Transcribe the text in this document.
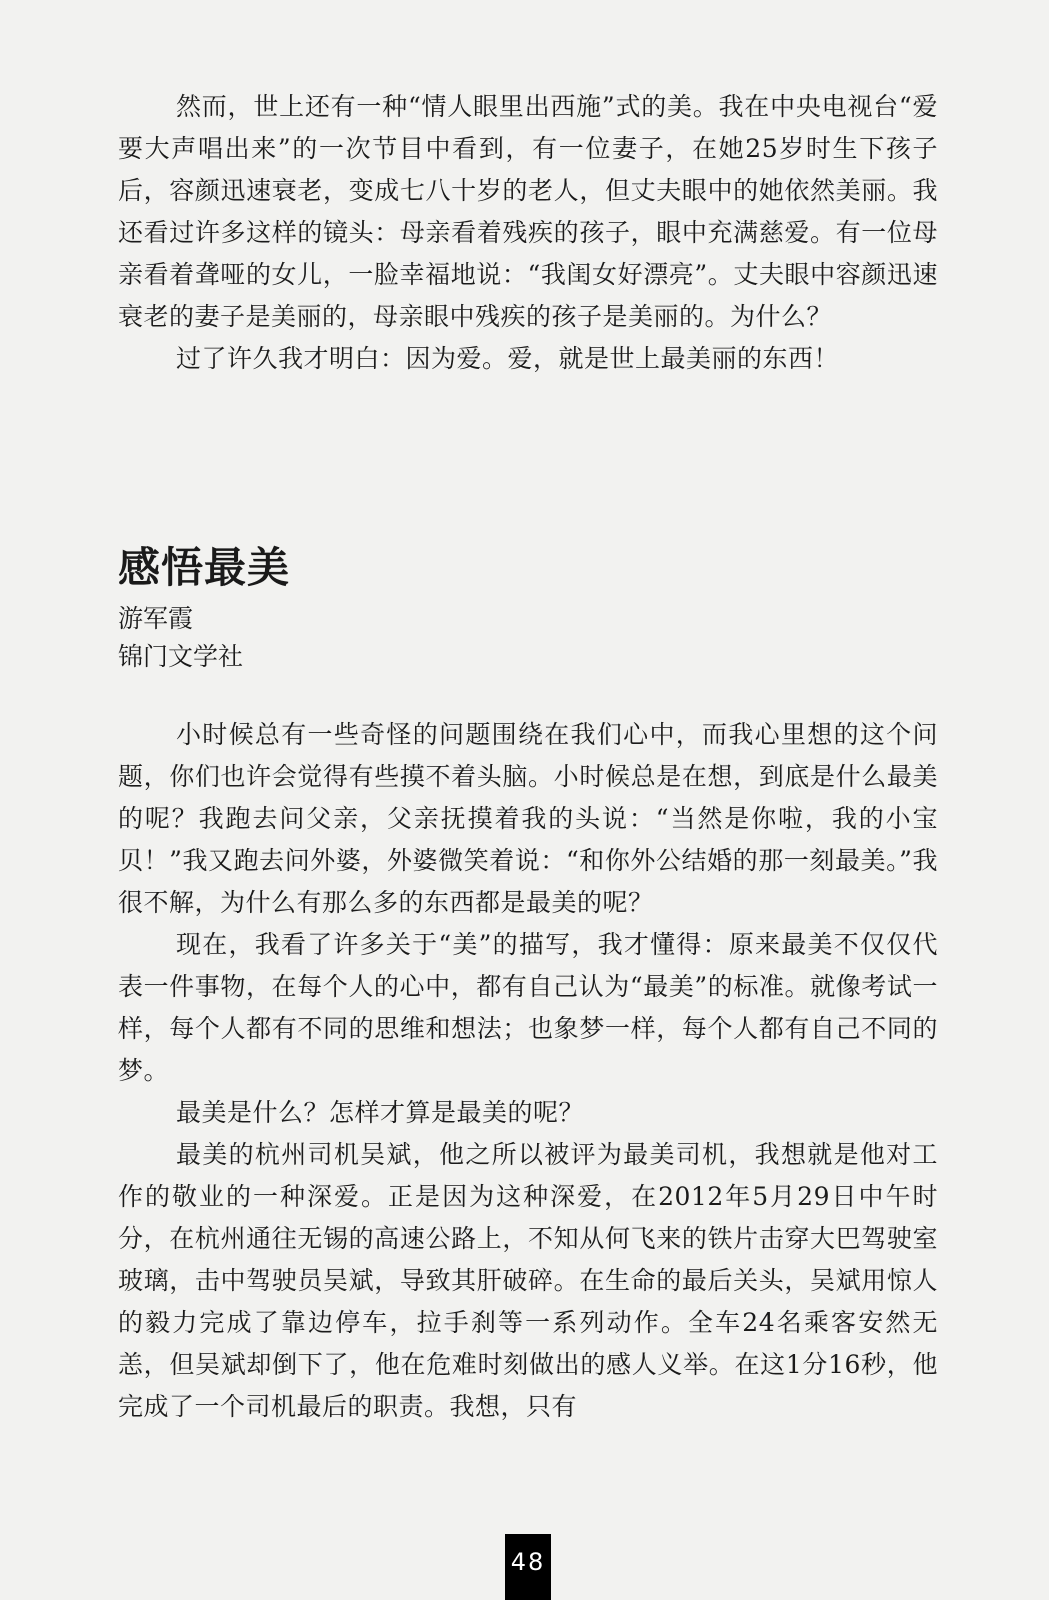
然而，世上还有一种“情人眼里出西施”式的美。我在中央电视台“爱要大声唱出来”的一次节目中看到，有一位妻子，在她25岁时生下孩子后，容颜迅速衰老，变成七八十岁的老人，但丈夫眼中的她依然美丽。我还看过许多这样的镜头：母亲看着残疾的孩子，眼中充满慈爱。有一位母亲看着聋哑的女儿，一脸幸福地说：“我闺女好漂亮”。丈夫眼中容颜迅速衰老的妻子是美丽的，母亲眼中残疾的孩子是美丽的。为什么？

过了许久我才明白：因为爱。爱，就是世上最美丽的东西！

感悟最美

游军霞

锦门文学社

小时候总有一些奇怪的问题围绕在我们心中，而我心里想的这个问题，你们也许会觉得有些摸不着头脑。小时候总是在想，到底是什么最美的呢？我跑去问父亲，父亲抚摸着我的头说：“当然是你啦，我的小宝贝！”我又跑去问外婆，外婆微笑着说：“和你外公结婚的那一刻最美。”我很不解，为什么有那么多的东西都是最美的呢？

现在，我看了许多关于“美”的描写，我才懂得：原来最美不仅仅代表一件事物，在每个人的心中，都有自己认为“最美”的标准。就像考试一样，每个人都有不同的思维和想法；也象梦一样，每个人都有自己不同的梦。

最美是什么？怎样才算是最美的呢？

最美的杭州司机吴斌，他之所以被评为最美司机，我想就是他对工作的敬业的一种深爱。正是因为这种深爱，在2012年5月29日中午时分，在杭州通往无锡的高速公路上，不知从何飞来的铁片击穿大巴驾驶室玻璃，击中驾驶员吴斌，导致其肝破碎。在生命的最后关头，吴斌用惊人的毅力完成了靠边停车，拉手刹等一系列动作。全车24名乘客安然无恙，但吴斌却倒下了，他在危难时刻做出的感人义举。在这1分16秒，他完成了一个司机最后的职责。我想，只有

48
